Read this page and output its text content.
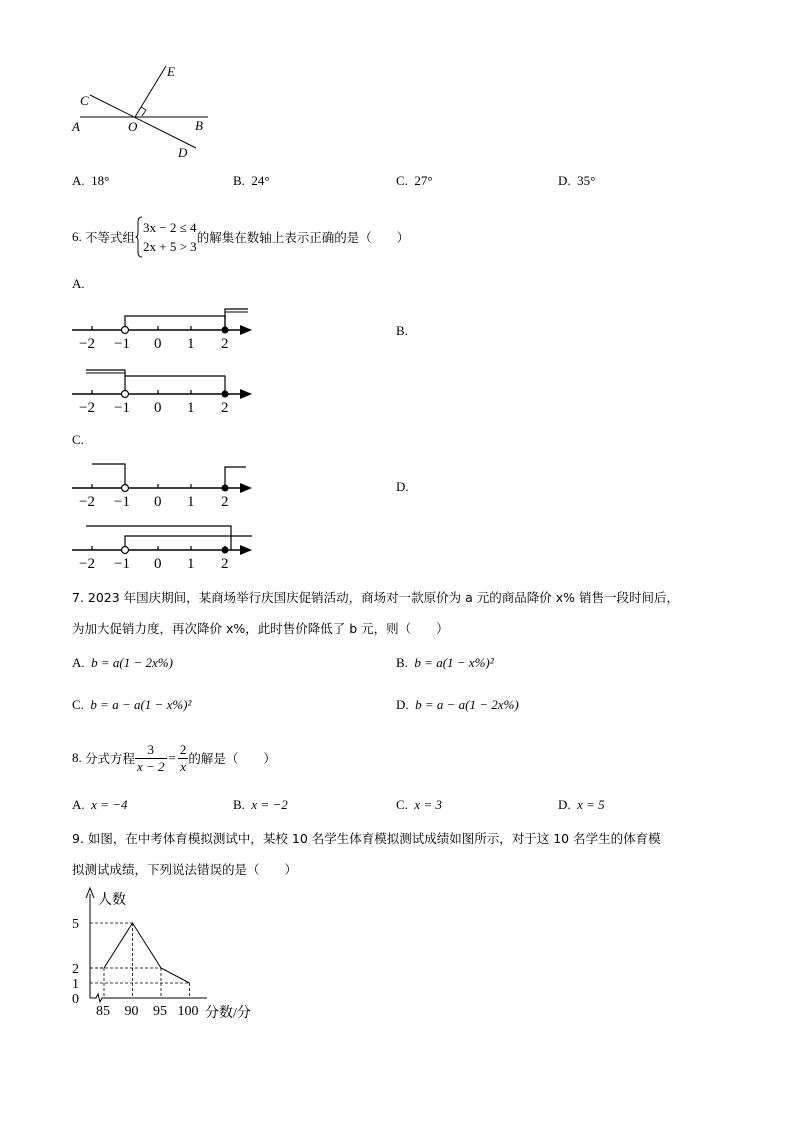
E
C
A	O	B
D
A. 18°	B. 24°	C. 27°	D. 35°
6.
不等式组
3x − 2 ≤ 4
2x + 5 > 3
的解集在数轴上表示正确的是（　　）
A.
B.
C.
D.
−2 −1 0 1 2
−2 −1 0 1 2
−2 −1 0 1 2
−2 −1 0 1 2
7. 2023 年国庆期间，某商场举行庆国庆促销活动，商场对一款原价为 a 元的商品降价 x% 销售一段时间后，
为加大促销力度，再次降价 x%，此时售价降低了 b 元，则（　　）
A. b = a(1 − 2x%)	B. b = a(1 − x%)²
C. b = a − a(1 − x%)²	D. b = a − a(1 − 2x%)
8.
分式方程 $\frac{3}{x - 2} = \frac{2}{x}$ 的解是（　　）
A. x = −4	B. x = −2	C. x = 3	D. x = 5
9. 如图，在中考体育模拟测试中，某校 10 名学生体育模拟测试成绩如图所示，对于这 10 名学生的体育模
拟测试成绩，下列说法错误的是（　　）
人数
分数/分
0
1
2
5
85 90 95 100
